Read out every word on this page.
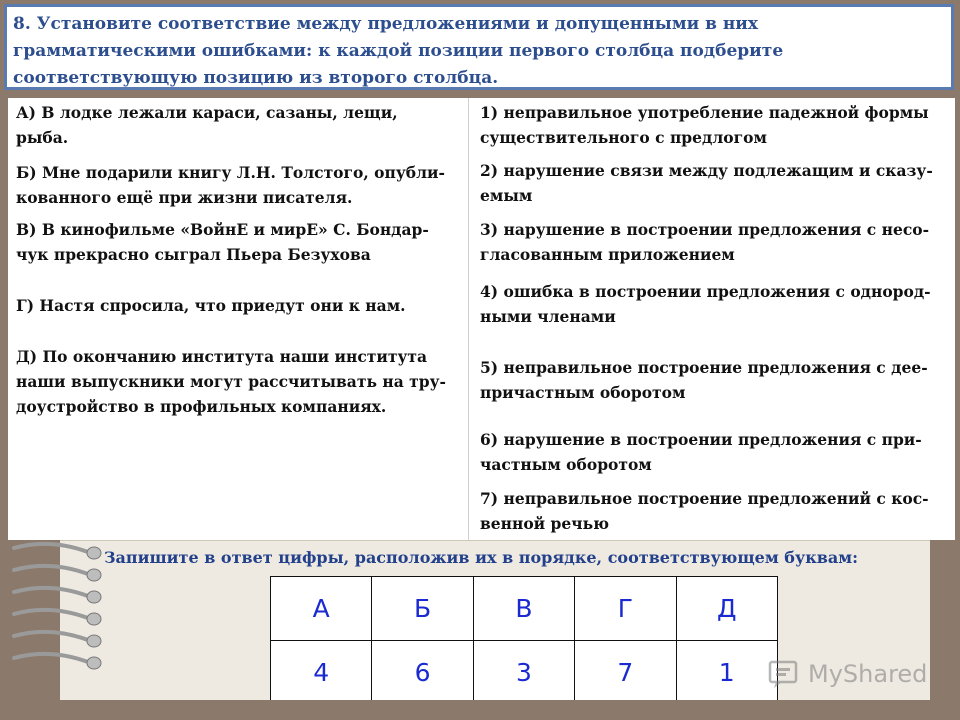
8. Установите соответствие между предложениями и допущенными в них грамматическими ошибками: к каждой позиции первого столбца подберите соответствующую позицию из второго столбца.
А) В лодке лежали караси, сазаны, лещи,
рыба.
Б) Мне подарили книгу Л.Н. Толстого, опубли-
кованного ещё при жизни писателя.
В) В кинофильме «ВойнЕ и мирЕ» С. Бондар-
чук прекрасно сыграл Пьера Безухова
Г) Настя спросила, что приедут они к нам.
Д) По окончанию института наши института
наши выпускники могут рассчитывать на тру-
доустройство в профильных компаниях.
1) неправильное употребление падежной формы
существительного с предлогом
2) нарушение связи между подлежащим и сказу-
емым
3) нарушение в построении предложения с несо-
гласованным приложением
4) ошибка в построении предложения с однород-
ными членами
5) неправильное построение предложения с дее-
причастным оборотом
6) нарушение в построении предложения с при-
частным оборотом
7) неправильное построение предложений с кос-
венной речью
Запишите в ответ цифры, расположив их в порядке, соответствующем буквам:
А	Б	В	Г	Д
4	6	3	7	1	MyShared
